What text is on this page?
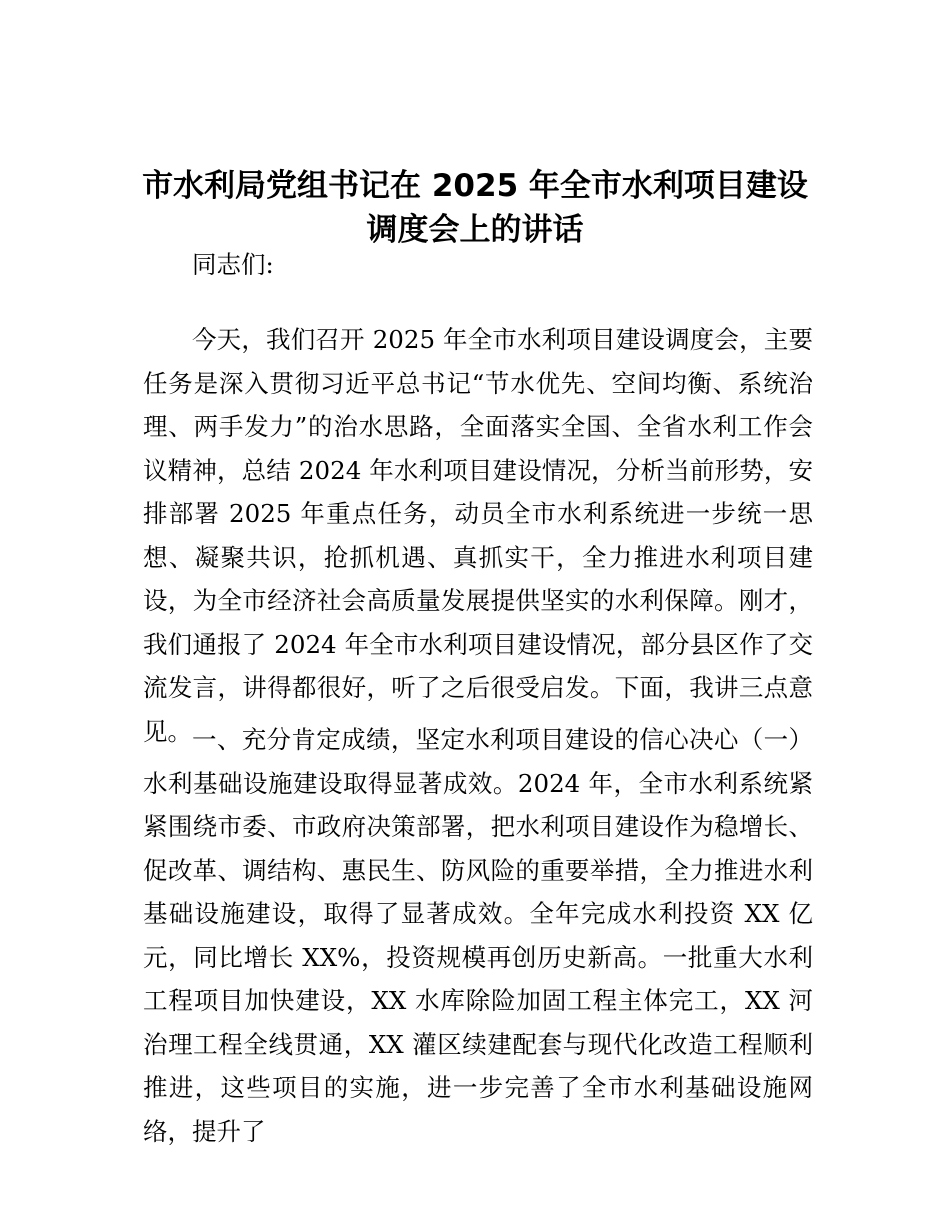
市水利局党组书记在 2025 年全市水利项目建设
调度会上的讲话
同志们:
今天，我们召开 2025 年全市水利项目建设调度会，主要任务是深入贯彻习近平总书记“节水优先、空间均衡、系统治理、两手发力”的治水思路，全面落实全国、全省水利工作会议精神，总结 2024 年水利项目建设情况，分析当前形势，安排部署 2025 年重点任务，动员全市水利系统进一步统一思想、凝聚共识，抢抓机遇、真抓实干，全力推进水利项目建设，为全市经济社会高质量发展提供坚实的水利保障。刚才，我们通报了 2024 年全市水利项目建设情况，部分县区作了交流发言，讲得都很好，听了之后很受启发。下面，我讲三点意见。 一、充分肯定成绩，坚定水利项目建设的信心决心（一）水利基础设施建设取得显著成效。2024 年，全市水利系统紧紧围绕市委、市政府决策部署，把水利项目建设作为稳增长、促改革、调结构、惠民生、防风险的重要举措，全力推进水利基础设施建设，取得了显著成效。全年完成水利投资 XX 亿元，同比增长 XX%，投资规模再创历史新高。一批重大水利工程项目加快建设，XX 水库除险加固工程主体完工，XX 河治理工程全线贯通，XX 灌区续建配套与现代化改造工程顺利推进，这些项目的实施，进一步完善了全市水利基础设施网络，提升了
